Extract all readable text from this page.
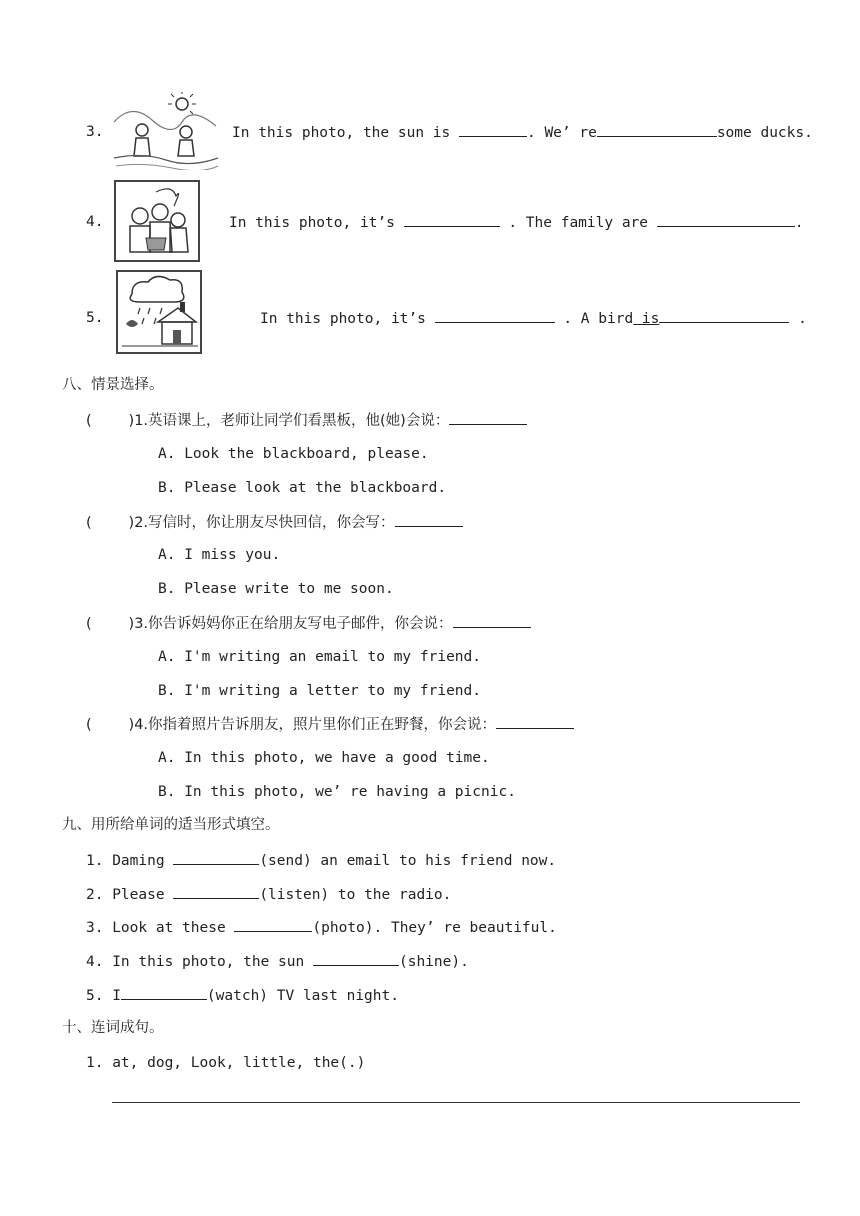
3.	In this photo, the sun is	. We’ re	some ducks.
4.	In this photo, it’s	. The family are	.
5.	In this photo, it’s	. A bird is	.
八、情景选择。
(        )1.英语课上，老师让同学们看黑板，他(她)会说：
A. Look the blackboard, please.
B. Please look at the blackboard.
(        )2.写信时，你让朋友尽快回信，你会写：
A. I miss you.
B. Please write to me soon.
(        )3.你告诉妈妈你正在给朋友写电子邮件，你会说：
A. I'm writing an email to my friend.
B. I'm writing a letter to my friend.
(        )4.你指着照片告诉朋友，照片里你们正在野餐，你会说：
A. In this photo, we have a good time.
B. In this photo, we’ re having a picnic.
九、用所给单词的适当形式填空。
1. Daming	(send) an email to his friend now.
2. Please	(listen) to the radio.
3. Look at these	(photo). They’ re beautiful.
4. In this photo, the sun	(shine).
5. I	(watch) TV last night.
十、连词成句。
1. at, dog, Look, little, the(.)
